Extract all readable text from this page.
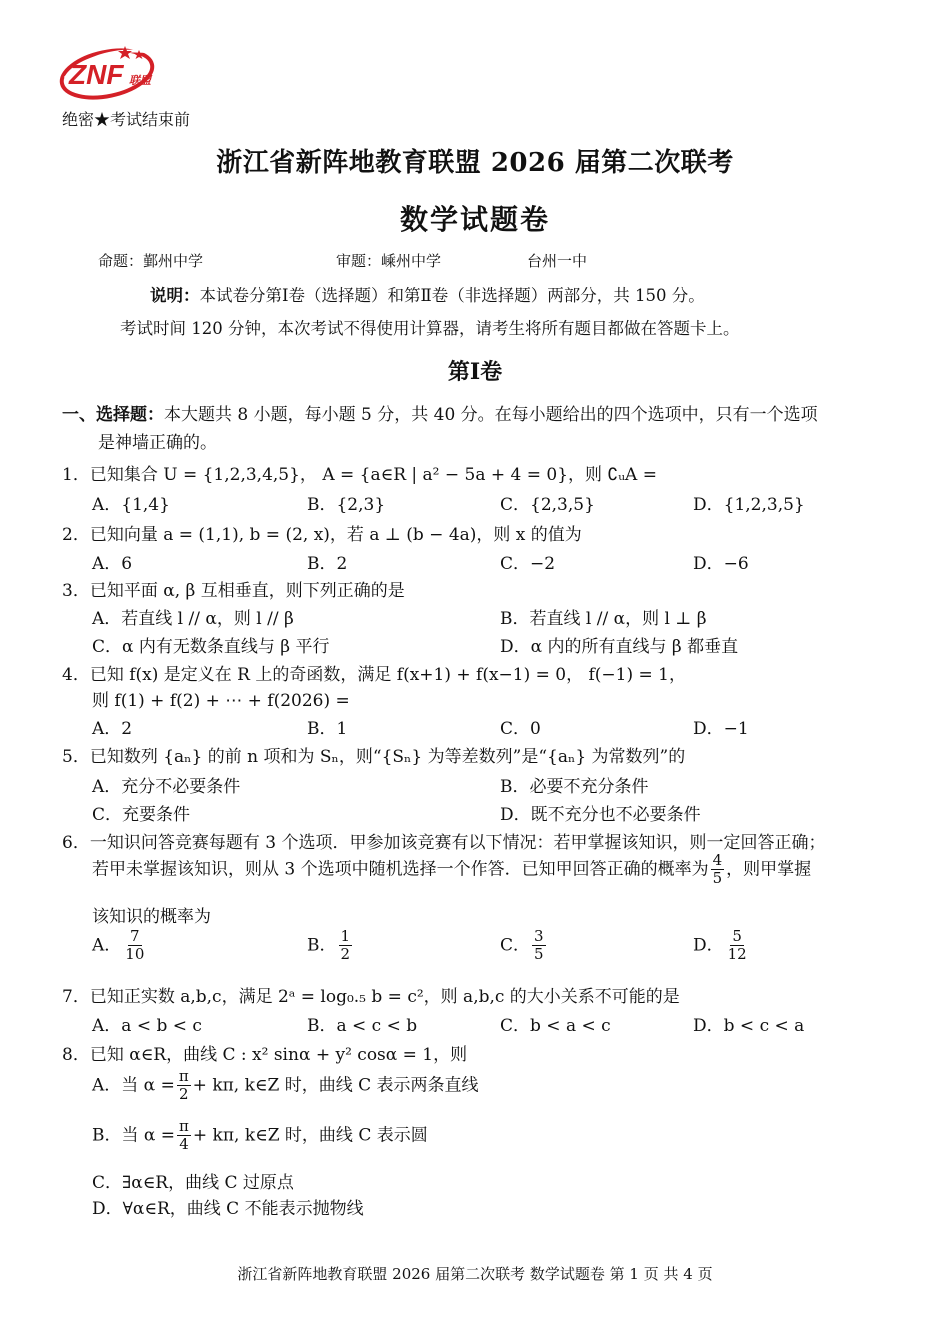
ZNF 联盟
绝密★考试结束前
浙江省新阵地教育联盟 2026 届第二次联考
数学试题卷
命题：鄞州中学	审题：嵊州中学	台州一中
说明：本试卷分第Ⅰ卷（选择题）和第Ⅱ卷（非选择题）两部分，共 150 分。
考试时间 120 分钟，本次考试不得使用计算器，请考生将所有题目都做在答题卡上。
第Ⅰ卷
一、选择题：本大题共 8 小题，每小题 5 分，共 40 分。在每小题给出的四个选项中，只有一个选项
是神墙正确的。
1．已知集合 U = {1,2,3,4,5}， A = {a∈R | a² − 5a + 4 = 0}，则 ∁ᵤA =
A．{1,4}	B．{2,3}	C．{2,3,5}	D．{1,2,3,5}
2．已知向量 a = (1,1), b = (2, x)，若 a ⊥ (b − 4a)，则 x 的值为
A．6	B．2	C．−2	D．−6
3．已知平面 α, β 互相垂直，则下列正确的是
A．若直线 l // α，则 l // β	B．若直线 l // α，则 l ⊥ β
C．α 内有无数条直线与 β 平行	D．α 内的所有直线与 β 都垂直
4．已知 f(x) 是定义在 R 上的奇函数，满足 f(x+1) + f(x−1) = 0， f(−1) = 1，
则 f(1) + f(2) + ⋯ + f(2026) =
A．2	B．1	C．0	D．−1
5．已知数列 {aₙ} 的前 n 项和为 Sₙ，则“{Sₙ} 为等差数列”是“{aₙ} 为常数列”的
A．充分不必要条件	B．必要不充分条件
C．充要条件	D．既不充分也不必要条件
6．一知识问答竞赛每题有 3 个选项．甲参加该竞赛有以下情况：若甲掌握该知识，则一定回答正确；
若甲未掌握该知识，则从 3 个选项中随机选择一个作答．已知甲回答正确的概率为 $\frac{4}{5}$ ，则甲掌握
该知识的概率为
A． $\frac{7}{10}$	B． $\frac{1}{2}$	C． $\frac{3}{5}$	D． $\frac{5}{12}$
7．已知正实数 a,b,c，满足 2ᵃ = log₀.₅ b = c²，则 a,b,c 的大小关系不可能的是
A．a < b < c	B．a < c < b	C．b < a < c	D．b < c < a
8．已知 α∈R，曲线 C : x² sinα + y² cosα = 1，则
A．当 $\alpha = \frac{\pi}{2} + k\pi$, k∈Z 时，曲线 C 表示两条直线
B．当 $\alpha = \frac{\pi}{4} + k\pi$, k∈Z 时，曲线 C 表示圆
C．∃α∈R，曲线 C 过原点
D．∀α∈R，曲线 C 不能表示抛物线
浙江省新阵地教育联盟 2026 届第二次联考 数学试题卷 第 1 页 共 4 页
